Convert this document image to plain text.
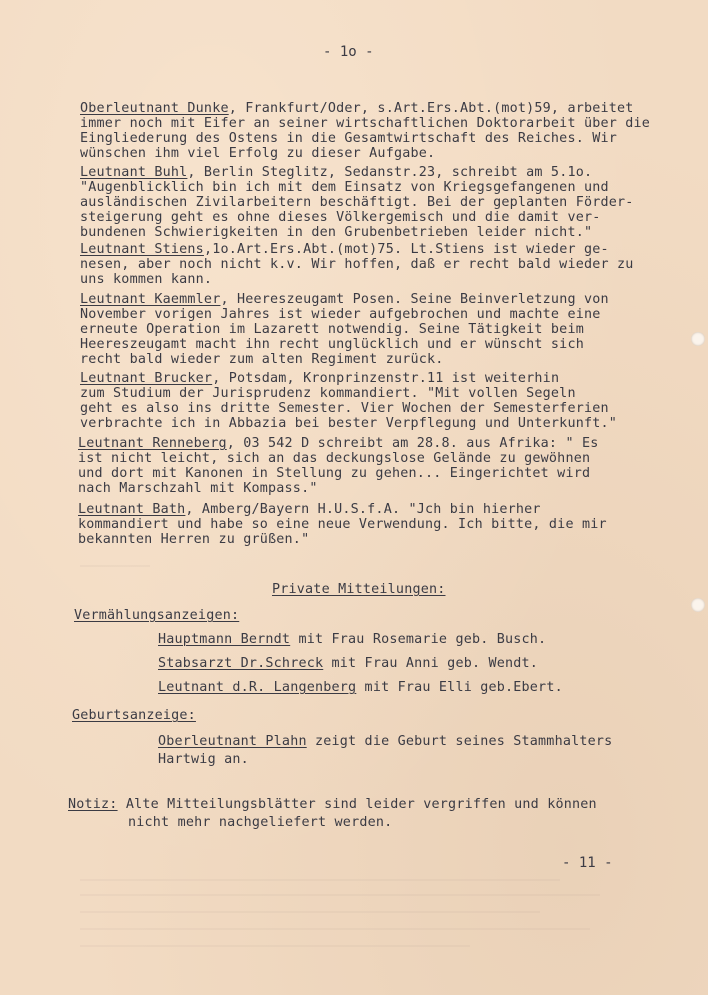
- 1o -
Oberleutnant Dunke, Frankfurt/Oder, s.Art.Ers.Abt.(mot)59, arbeitet
immer noch mit Eifer an seiner wirtschaftlichen Doktorarbeit über die
Eingliederung des Ostens in die Gesamtwirtschaft des Reiches. Wir
wünschen ihm viel Erfolg zu dieser Aufgabe.
Leutnant Buhl, Berlin Steglitz, Sedanstr.23, schreibt am 5.1o.
"Augenblicklich bin ich mit dem Einsatz von Kriegsgefangenen und
ausländischen Zivilarbeitern beschäftigt. Bei der geplanten Förder-
steigerung geht es ohne dieses Völkergemisch und die damit ver-
bundenen Schwierigkeiten in den Grubenbetrieben leider nicht."
Leutnant Stiens,1o.Art.Ers.Abt.(mot)75. Lt.Stiens ist wieder ge-
nesen, aber noch nicht k.v. Wir hoffen, daß er recht bald wieder zu
uns kommen kann.
Leutnant Kaemmler, Heereszeugamt Posen. Seine Beinverletzung von
November vorigen Jahres ist wieder aufgebrochen und machte eine
erneute Operation im Lazarett notwendig. Seine Tätigkeit beim
Heereszeugamt macht ihn recht unglücklich und er wünscht sich
recht bald wieder zum alten Regiment zurück.
Leutnant Brucker, Potsdam, Kronprinzenstr.11 ist weiterhin
zum Studium der Jurisprudenz kommandiert. "Mit vollen Segeln
geht es also ins dritte Semester. Vier Wochen der Semesterferien
verbrachte ich in Abbazia bei bester Verpflegung und Unterkunft."
Leutnant Renneberg, 03 542 D schreibt am 28.8. aus Afrika: " Es
ist nicht leicht, sich an das deckungslose Gelände zu gewöhnen
und dort mit Kanonen in Stellung zu gehen... Eingerichtet wird
nach Marschzahl mit Kompass."
Leutnant Bath, Amberg/Bayern H.U.S.f.A. "Jch bin hierher
kommandiert und habe so eine neue Verwendung. Ich bitte, die mir
bekannten Herren zu grüßen."
Private Mitteilungen:
Vermählungsanzeigen:
Hauptmann Berndt mit Frau Rosemarie geb. Busch.
Stabsarzt Dr.Schreck mit Frau Anni geb. Wendt.
Leutnant d.R. Langenberg mit Frau Elli geb.Ebert.
Geburtsanzeige:
Oberleutnant Plahn zeigt die Geburt seines Stammhalters
Hartwig an.
Notiz: Alte Mitteilungsblätter sind leider vergriffen und können
nicht mehr nachgeliefert werden.
- 11 -
